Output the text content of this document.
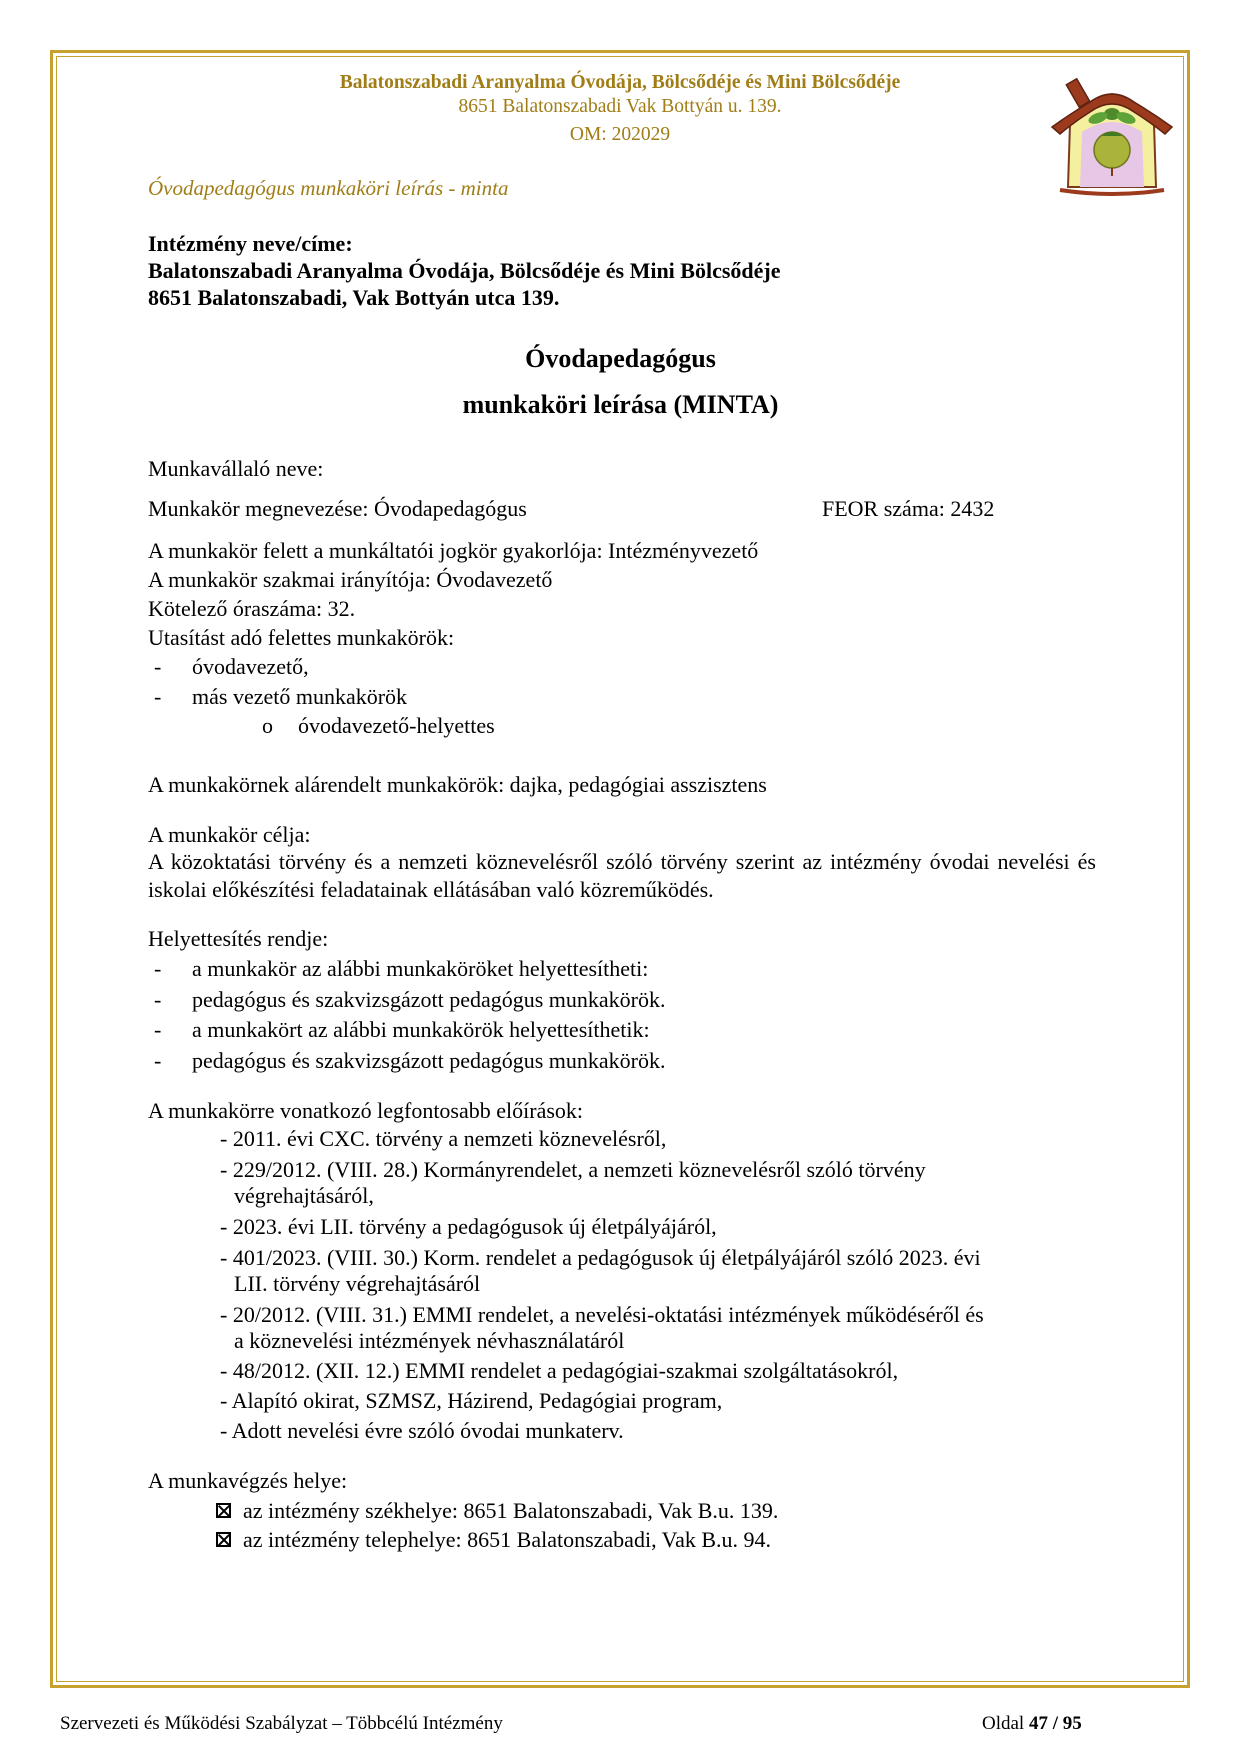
Balatonszabadi Aranyalma Óvodája, Bölcsődéje és Mini Bölcsődéje
8651 Balatonszabadi Vak Bottyán u. 139.
OM: 202029
Óvodapedagógus munkaköri leírás - minta
Intézmény neve/címe:
Balatonszabadi Aranyalma Óvodája, Bölcsődéje és Mini Bölcsődéje
8651 Balatonszabadi, Vak Bottyán utca 139.
Óvodapedagógus
munkaköri leírása (MINTA)
Munkavállaló neve:
Munkakör megnevezése: Óvodapedagógus	FEOR száma: 2432
A munkakör felett a munkáltatói jogkör gyakorlója: Intézményvezető
A munkakör szakmai irányítója: Óvodavezető
Kötelező óraszáma: 32.
Utasítást adó felettes munkakörök:
- óvodavezető,
- más vezető munkakörök
o óvodavezető-helyettes
A munkakörnek alárendelt munkakörök: dajka, pedagógiai asszisztens
A munkakör célja:
A közoktatási törvény és a nemzeti köznevelésről szóló törvény szerint az intézmény óvodai nevelési és iskolai előkészítési feladatainak ellátásában való közreműködés.
Helyettesítés rendje:
- a munkakör az alábbi munkaköröket helyettesítheti:
- pedagógus és szakvizsgázott pedagógus munkakörök.
- a munkakört az alábbi munkakörök helyettesíthetik:
- pedagógus és szakvizsgázott pedagógus munkakörök.
A munkakörre vonatkozó legfontosabb előírások:
- 2011. évi CXC. törvény a nemzeti köznevelésről,
- 229/2012. (VIII. 28.) Kormányrendelet, a nemzeti köznevelésről szóló törvény
végrehajtásáról,
- 2023. évi LII. törvény a pedagógusok új életpályájáról,
- 401/2023. (VIII. 30.) Korm. rendelet a pedagógusok új életpályájáról szóló 2023. évi
LII. törvény végrehajtásáról
- 20/2012. (VIII. 31.) EMMI rendelet, a nevelési-oktatási intézmények működéséről és
a köznevelési intézmények névhasználatáról
- 48/2012. (XII. 12.) EMMI rendelet a pedagógiai-szakmai szolgáltatásokról,
- Alapító okirat, SZMSZ, Házirend, Pedagógiai program,
- Adott nevelési évre szóló óvodai munkaterv.
A munkavégzés helye:
az intézmény székhelye: 8651 Balatonszabadi, Vak B.u. 139.
az intézmény telephelye: 8651 Balatonszabadi, Vak B.u. 94.
Szervezeti és Működési Szabályzat – Többcélú Intézmény	Oldal 47 / 95
